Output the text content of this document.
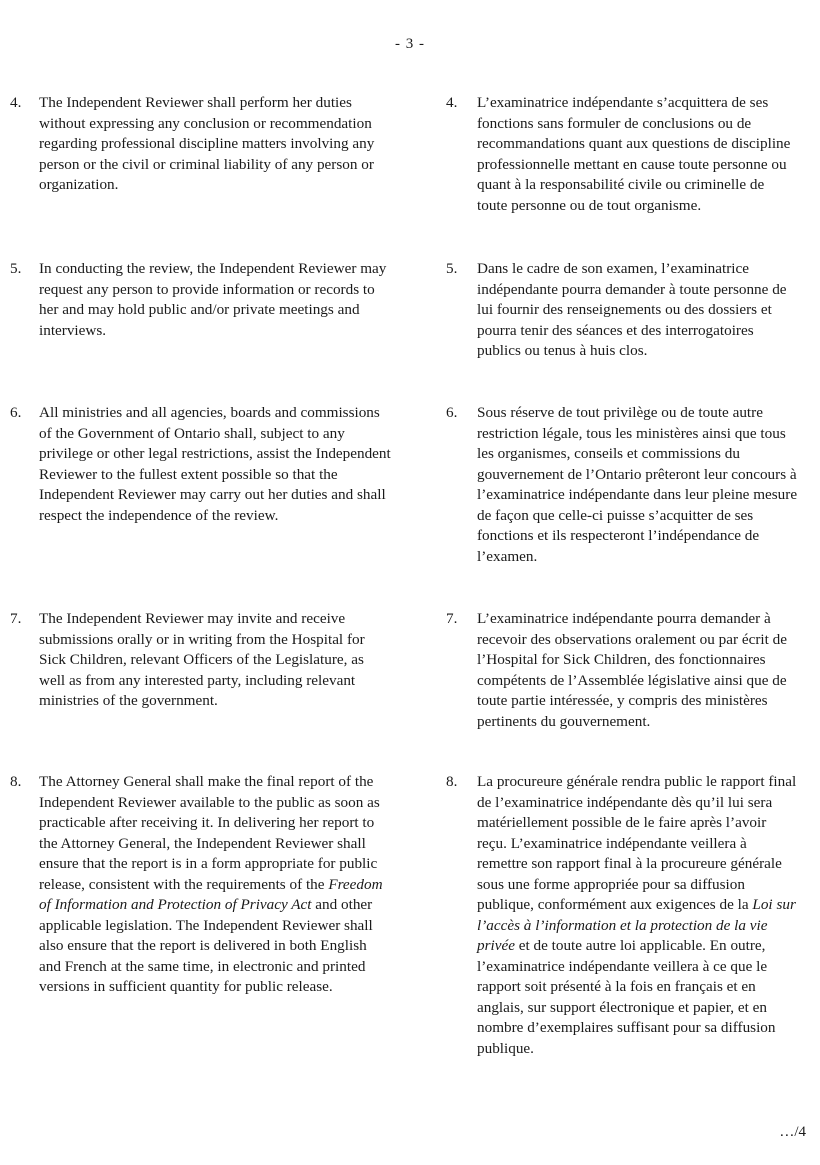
- 3 -
4.	The Independent Reviewer shall perform her duties without expressing any conclusion or recommendation regarding professional discipline matters involving any person or the civil or criminal liability of any person or organization.
5.	In conducting the review, the Independent Reviewer may request any person to provide information or records to her and may hold public and/or private meetings and interviews.
6.	All ministries and all agencies, boards and commissions of the Government of Ontario shall, subject to any privilege or other legal restrictions, assist the Independent Reviewer to the fullest extent possible so that the Independent Reviewer may carry out her duties and shall respect the independence of the review.
7.	The Independent Reviewer may invite and receive submissions orally or in writing from the Hospital for Sick Children, relevant Officers of the Legislature, as well as from any interested party, including relevant ministries of the government.
8.	The Attorney General shall make the final report of the Independent Reviewer available to the public as soon as practicable after receiving it. In delivering her report to the Attorney General, the Independent Reviewer shall ensure that the report is in a form appropriate for public release, consistent with the requirements of the Freedom of Information and Protection of Privacy Act and other applicable legislation. The Independent Reviewer shall also ensure that the report is delivered in both English and French at the same time, in electronic and printed versions in sufficient quantity for public release.
4.	L’examinatrice indépendante s’acquittera de ses fonctions sans formuler de conclusions ou de recommandations quant aux questions de discipline professionnelle mettant en cause toute personne ou quant à la responsabilité civile ou criminelle de toute personne ou de tout organisme.
5.	Dans le cadre de son examen, l’examinatrice indépendante pourra demander à toute personne de lui fournir des renseignements ou des dossiers et pourra tenir des séances et des interrogatoires publics ou tenus à huis clos.
6.	Sous réserve de tout privilège ou de toute autre restriction légale, tous les ministères ainsi que tous les organismes, conseils et commissions du gouvernement de l’Ontario prêteront leur concours à l’examinatrice indépendante dans leur pleine mesure de façon que celle-ci puisse s’acquitter de ses fonctions et ils respecteront l’indépendance de l’examen.
7.	L’examinatrice indépendante pourra demander à recevoir des observations oralement ou par écrit de l’Hospital for Sick Children, des fonctionnaires compétents de l’Assemblée législative ainsi que de toute partie intéressée, y compris des ministères pertinents du gouvernement.
8.	La procureure générale rendra public le rapport final de l’examinatrice indépendante dès qu’il lui sera matériellement possible de le faire après l’avoir reçu. L’examinatrice indépendante veillera à remettre son rapport final à la procureure générale sous une forme appropriée pour sa diffusion publique, conformément aux exigences de la Loi sur l’accès à l’information et la protection de la vie privée et de toute autre loi applicable. En outre, l’examinatrice indépendante veillera à ce que le rapport soit présenté à la fois en français et en anglais, sur support électronique et papier, et en nombre d’exemplaires suffisant pour sa diffusion publique.
…/4
